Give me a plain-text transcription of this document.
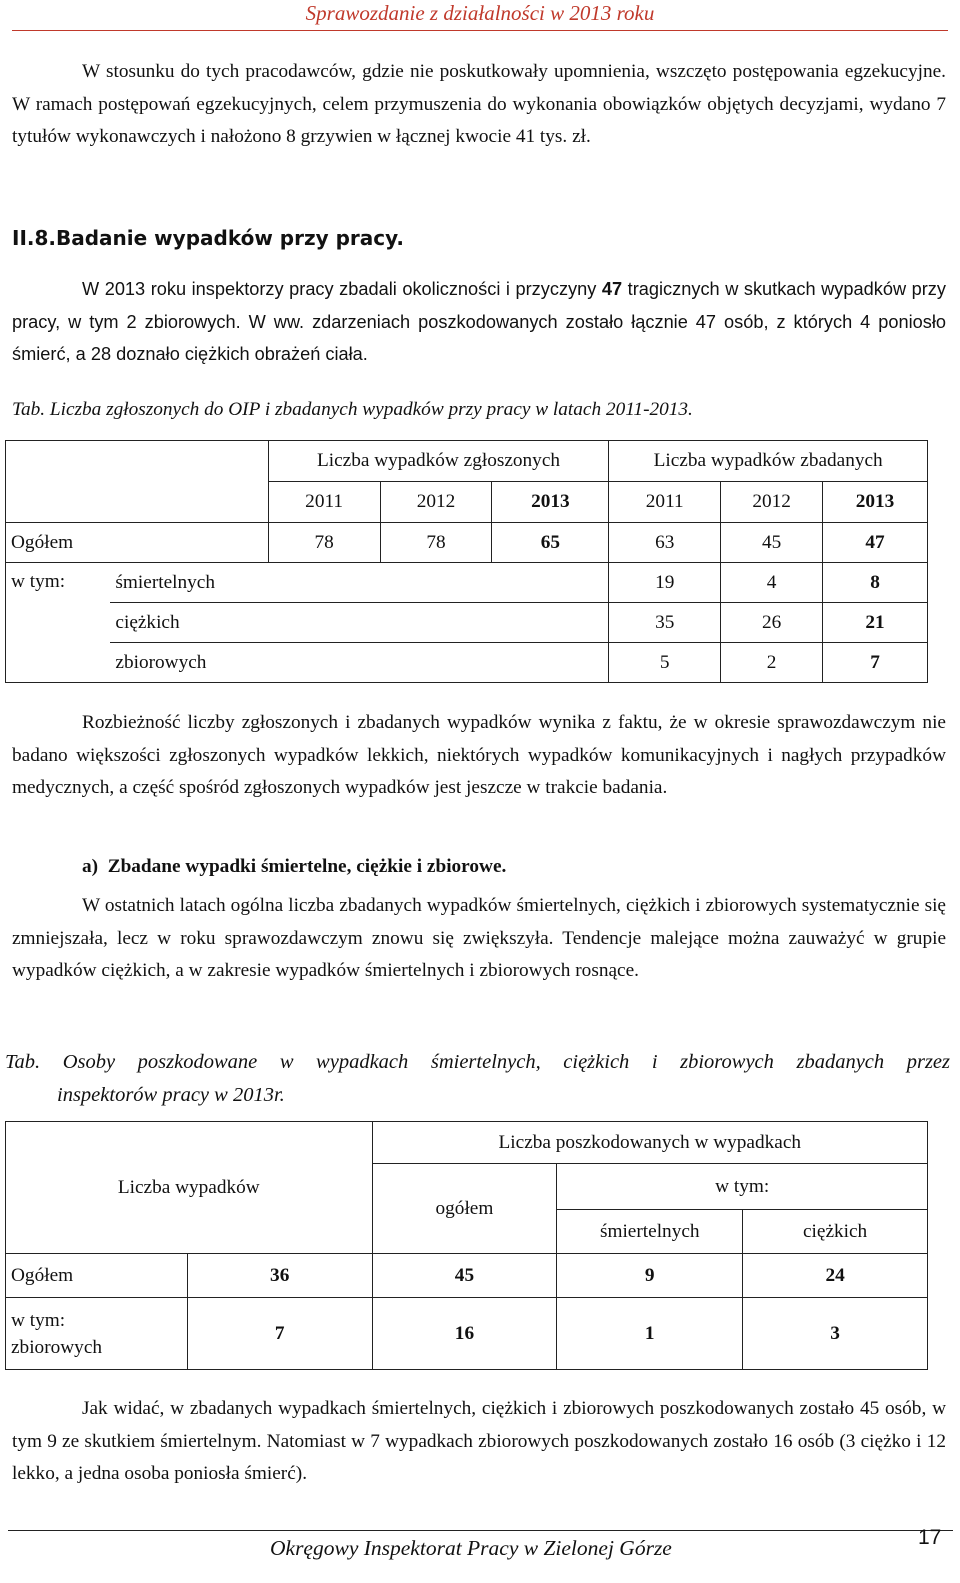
Sprawozdanie z działalności w 2013 roku
W stosunku do tych pracodawców, gdzie nie poskutkowały upomnienia, wszczęto postępowania egzekucyjne. W ramach postępowań egzekucyjnych, celem przymuszenia do wykonania obowiązków objętych decyzjami, wydano 7 tytułów wykonawczych i nałożono 8 grzywien w łącznej kwocie 41 tys. zł.
II.8.Badanie wypadków przy pracy.
W 2013 roku inspektorzy pracy zbadali okoliczności i przyczyny 47 tragicznych w skutkach wypadków przy pracy, w tym 2 zbiorowych. W ww. zdarzeniach poszkodowanych zostało łącznie 47 osób, z których 4 poniosło śmierć, a 28 doznało ciężkich obrażeń ciała.
Tab. Liczba zgłoszonych do OIP i zbadanych wypadków przy pracy w latach 2011-2013.
		Liczba wypadków zgłoszonych			Liczba wypadków zbadanych		
		2011	2012	2013	2011	2012	2013
Ogółem		78	78	65	63	45	47
w tym:	śmiertelnych				19	4	8
	ciężkich				35	26	21
	zbiorowych				5	2	7
Rozbieżność liczby zgłoszonych i zbadanych wypadków wynika z faktu, że w okresie sprawozdawczym nie badano większości zgłoszonych wypadków lekkich, niektórych wypadków komunikacyjnych i nagłych przypadków medycznych, a część spośród zgłoszonych wypadków jest jeszcze w trakcie badania.
a) Zbadane wypadki śmiertelne, ciężkie i zbiorowe.
W ostatnich latach ogólna liczba zbadanych wypadków śmiertelnych, ciężkich i zbiorowych systematycznie się zmniejszała, lecz w roku sprawozdawczym znowu się zwiększyła. Tendencje malejące można zauważyć w grupie wypadków ciężkich, a w zakresie wypadków śmiertelnych i zbiorowych rosnące.
Tab. Osoby poszkodowane w wypadkach śmiertelnych, ciężkich i zbiorowych zbadanych przez
inspektorów pracy w 2013r.
Liczba wypadków		Liczba poszkodowanych w wypadkach		
		ogółem	w tym:	
			śmiertelnych	ciężkich
Ogółem	36	45	9	24

w tym:
zbiorowych	7	16	1	3
Jak widać, w zbadanych wypadkach śmiertelnych, ciężkich i zbiorowych poszkodowanych zostało 45 osób, w tym 9 ze skutkiem śmiertelnym. Natomiast w 7 wypadkach zbiorowych poszkodowanych zostało 16 osób (3 ciężko i 12 lekko, a jedna osoba poniosła śmierć).
Okręgowy Inspektorat Pracy w Zielonej Górze	17
